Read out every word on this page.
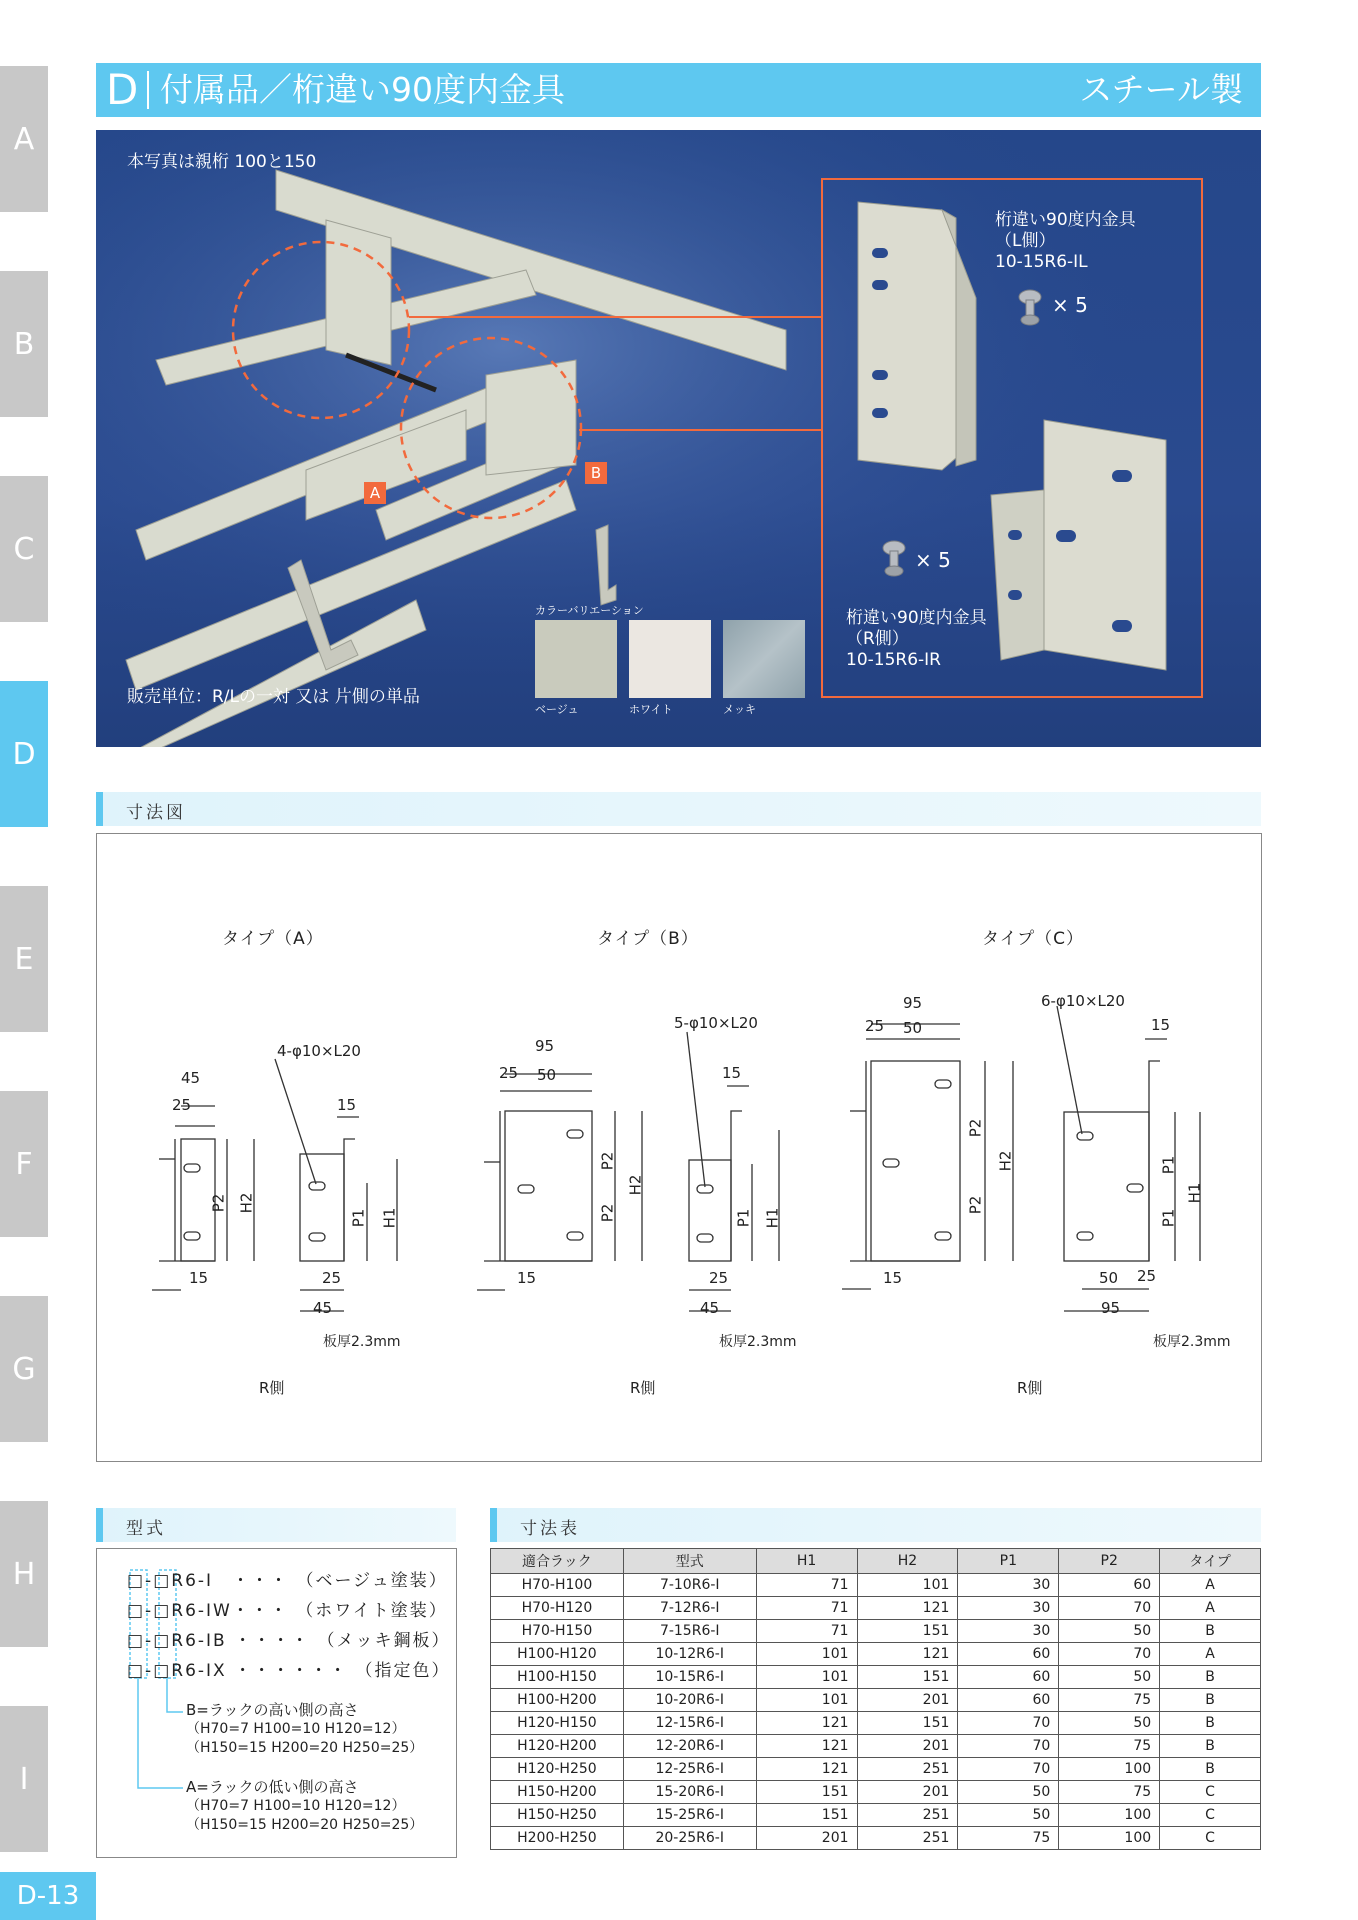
A
B
C
D
E
F
G
H
I
D 付属品／桁違い90度内金具	スチール製
本写真は親桁 100と150
販売単位：R/Lの一対 又は 片側の単品
A
B
桁違い90度内金具
（L側）
10-15R6-IL
× 5
桁違い90度内金具
（R側）
10-15R6-IR
× 5
カラーバリエーション
ベージュ	ホワイト	メッキ
寸法図
タイプ（A）
4-φ10×L20
45
25	15
15	25
45
P2 H2
P1 H1
板厚2.3mm
R側
タイプ（B）
5-φ10×L20
95
25 50	15
15	25
45
P2
P2
H2
P1 H1
板厚2.3mm
R側
タイプ（C）
6-φ10×L20
95
25 50	15
15	50 25
95
P2
P2
H2	P1
P1
H1
板厚2.3mm
R側
型式
□-□R6-I　・・・ （ベージュ塗装）
□-□R6-IW・・・ （ホワイト塗装）
□-□R6-IB ・・・・ （メッキ鋼板）
□-□R6-IX ・・・・・・ （指定色）
B=ラックの高い側の高さ
（H70=7 H100=10 H120=12）
（H150=15 H200=20 H250=25）
A=ラックの低い側の高さ
（H70=7 H100=10 H120=12）
（H150=15 H200=20 H250=25）
寸法表
適合ラック	型式	H1	H2	P1	P2	タイプ
H70-H100	7-10R6-I	71	101	30	60	A
H70-H120	7-12R6-I	71	121	30	70	A
H70-H150	7-15R6-I	71	151	30	50	B
H100-H120	10-12R6-I	101	121	60	70	A
H100-H150	10-15R6-I	101	151	60	50	B
H100-H200	10-20R6-I	101	201	60	75	B
H120-H150	12-15R6-I	121	151	70	50	B
H120-H200	12-20R6-I	121	201	70	75	B
H120-H250	12-25R6-I	121	251	70	100	B
H150-H200	15-20R6-I	151	201	50	75	C
H150-H250	15-25R6-I	151	251	50	100	C
H200-H250	20-25R6-I	201	251	75	100	C
D-13
